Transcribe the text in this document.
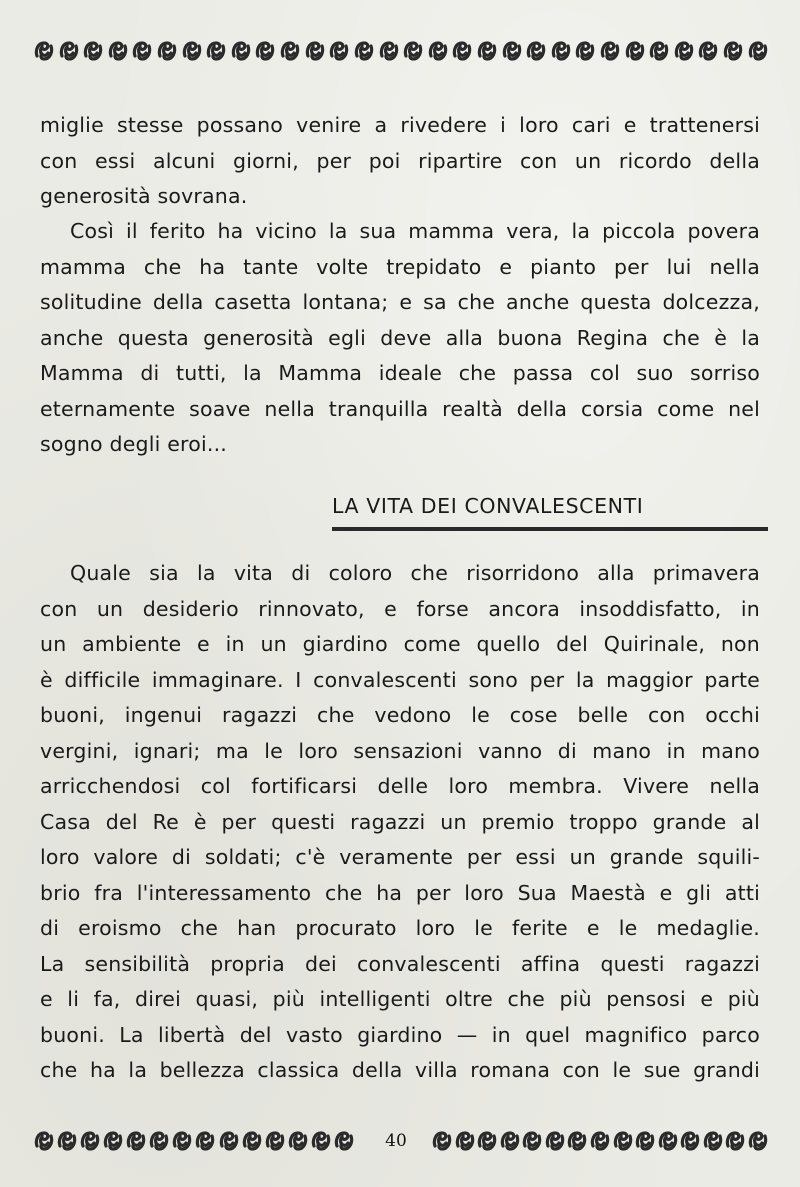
miglie stesse possano venire a rivedere i loro cari e trattenersi
con essi alcuni giorni, per poi ripartire con un ricordo della
generosità sovrana.
Così il ferito ha vicino la sua mamma vera, la piccola povera
mamma che ha tante volte trepidato e pianto per lui nella
solitudine della casetta lontana; e sa che anche questa dolcezza,
anche questa generosità egli deve alla buona Regina che è la
Mamma di tutti, la Mamma ideale che passa col suo sorriso
eternamente soave nella tranquilla realtà della corsia come nel
sogno degli eroi...
LA VITA DEI CONVALESCENTI
Quale sia la vita di coloro che risorridono alla primavera
con un desiderio rinnovato, e forse ancora insoddisfatto, in
un ambiente e in un giardino come quello del Quirinale, non
è difficile immaginare. I convalescenti sono per la maggior parte
buoni, ingenui ragazzi che vedono le cose belle con occhi
vergini, ignari; ma le loro sensazioni vanno di mano in mano
arricchendosi col fortificarsi delle loro membra. Vivere nella
Casa del Re è per questi ragazzi un premio troppo grande al
loro valore di soldati; c'è veramente per essi un grande squili-
brio fra l'interessamento che ha per loro Sua Maestà e gli atti
di eroismo che han procurato loro le ferite e le medaglie.
La sensibilità propria dei convalescenti affina questi ragazzi
e li fa, direi quasi, più intelligenti oltre che più pensosi e più
buoni. La libertà del vasto giardino — in quel magnifico parco
che ha la bellezza classica della villa romana con le sue grandi
40
